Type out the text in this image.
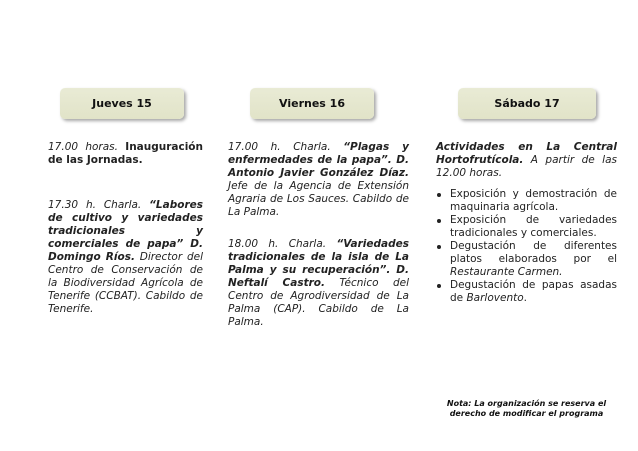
Jueves 15	Viernes 16	Sábado 17

17.00 horas. Inauguración de las Jornadas.

17.30 h. Charla. “Labores de cultivo y variedades tradicionales y comerciales de papa” D. Domingo Ríos. Director del Centro de Conservación de la Biodiversidad Agrícola de Tenerife (CCBAT). Cabildo de Tenerife.

17.00 h. Charla. “Plagas y enfermedades de la papa”. D. Antonio Javier González Díaz. Jefe de la Agencia de Extensión Agraria de Los Sauces. Cabildo de La Palma.

18.00 h. Charla. “Variedades tradicionales de la isla de La Palma y su recuperación”. D. Neftalí Castro. Técnico del Centro de Agrodiversidad de La Palma (CAP). Cabildo de La Palma.

Actividades en La Central Hortofrutícola. A partir de las 12.00 horas.

Exposición y demostración de maquinaria agrícola.
Exposición de variedades tradicionales y comerciales.
Degustación de diferentes platos elaborados por el Restaurante Carmen.
Degustación de papas asadas de Barlovento.
Nota: La organización se reserva el derecho de modificar el programa
